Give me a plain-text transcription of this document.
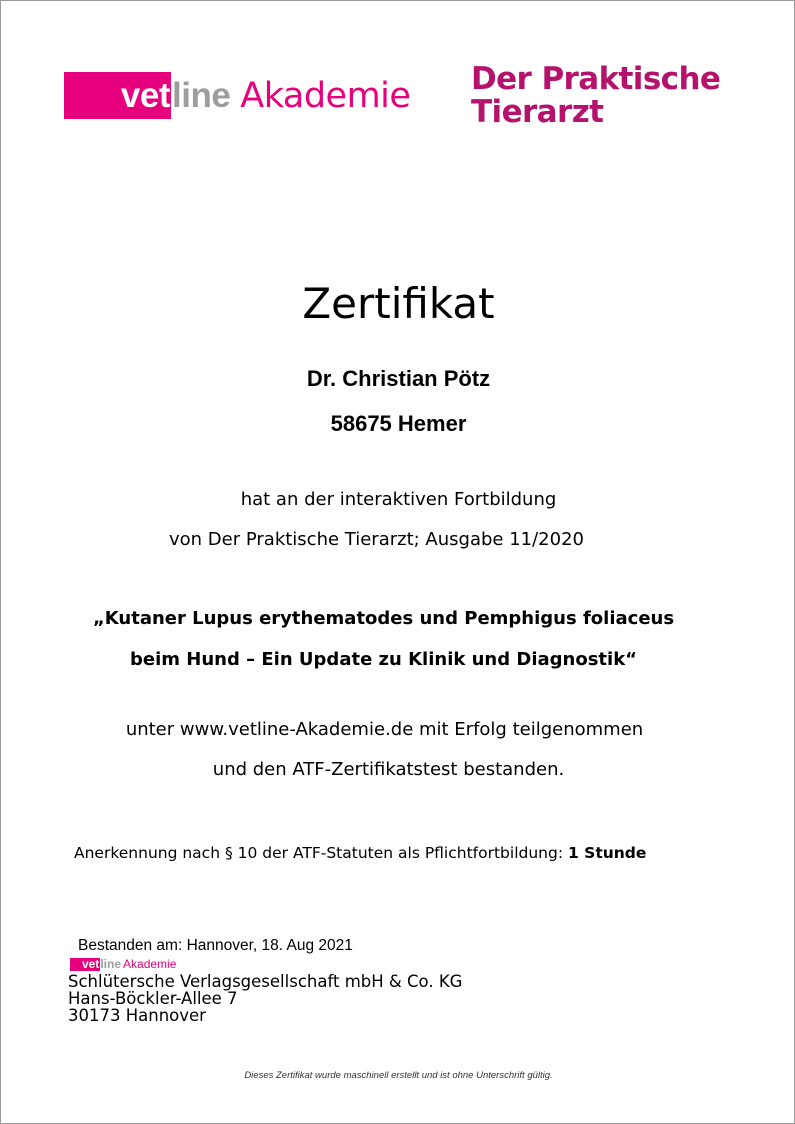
vet line Akademie Der Praktische
Tierarzt
Zertifikat
Dr. Christian Pötz
58675 Hemer
hat an der interaktiven Fortbildung
von Der Praktische Tierarzt; Ausgabe 11/2020
„Kutaner Lupus erythematodes und Pemphigus foliaceus
beim Hund – Ein Update zu Klinik und Diagnostik“
unter www.vetline-Akademie.de mit Erfolg teilgenommen
und den ATF-Zertifikatstest bestanden.
Anerkennung nach § 10 der ATF-Statuten als Pflichtfortbildung: 1 Stunde
Bestanden am: Hannover, 18. Aug 2021
vet line Akademie
Schlütersche Verlagsgesellschaft mbH & Co. KG
Hans-Böckler-Allee 7
30173 Hannover
Dieses Zertifikat wurde maschinell erstellt und ist ohne Unterschrift gültig.
